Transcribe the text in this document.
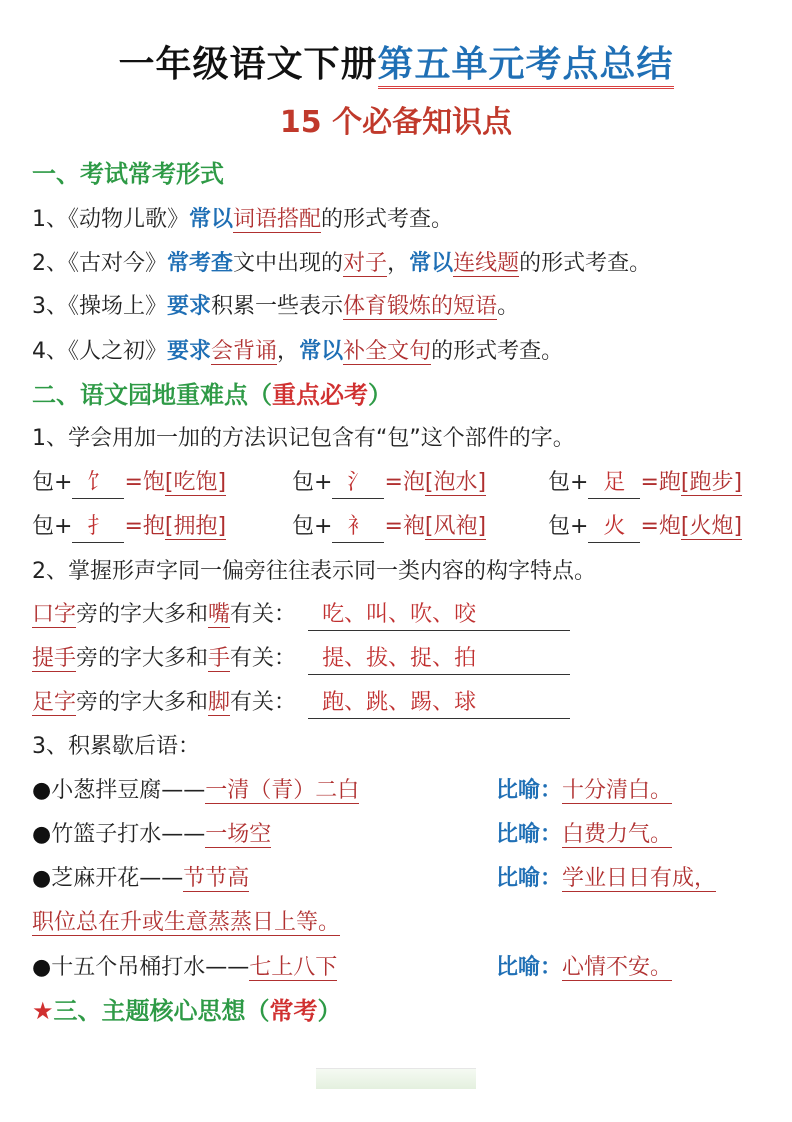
一年级语文下册第五单元考点总结
15 个必备知识点
一、考试常考形式
1、《动物儿歌》常以词语搭配的形式考查。
2、《古对今》常考查文中出现的对子，常以连线题的形式考查。
3、《操场上》要求积累一些表示体育锻炼的短语。
4、《人之初》要求会背诵，常以补全文句的形式考查。
二、语文园地重难点（重点必考）
1、学会用加一加的方法识记包含有“包”这个部件的字。
包+ 饣 =饱[吃饱]	包+ 氵 =泡[泡水]	包+ 足 =跑[跑步]
包+ 扌 =抱[拥抱]	包+ 衤 =袍[风袍]	包+ 火 =炮[火炮]
2、掌握形声字同一偏旁往往表示同一类内容的构字特点。
口字旁的字大多和嘴有关： 吃、叫、吹、咬
提手旁的字大多和手有关： 提、拔、捉、拍
足字旁的字大多和脚有关： 跑、跳、踢、球
3、积累歇后语：
●小葱拌豆腐——一清（青）二白	比喻：十分清白。
●竹篮子打水——一场空	比喻：白费力气。
●芝麻开花——节节高	比喻：学业日日有成，
职位总在升或生意蒸蒸日上等。
●十五个吊桶打水——七上八下	比喻：心情不安。
★三、主题核心思想（常考）
